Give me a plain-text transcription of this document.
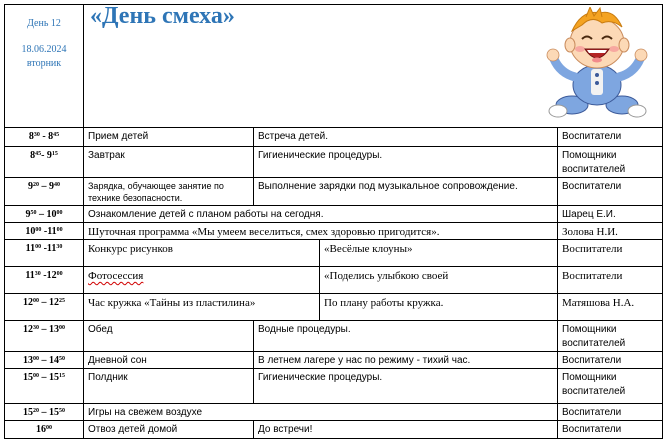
День 12
18.06.2024
вторник	«День смеха»			

$8^{30} - 8^{45}$	Прием детей	Встреча детей.		Воспитатели
$8^{45}-$ $9^{15}$	Завтрак	Гигиенические процедуры.		Помощники воспитателей
$9^{20} - 9^{40}$	Зарядка, обучающее занятие по технике безопасности.	Выполнение зарядки под музыкальное сопровождение.		Воспитатели
$9^{50} - 10^{00}$	Ознакомление детей с планом работы на сегодня.			Шарец Е.И.
$10^{00}$ $-11^{00}$	Шуточная программа «Мы умеем веселиться, смех здоровью пригодится».			Золова Н.И.
$11^{00}$ $-11^{30}$	Конкурс рисунков		«Весёлые клоуны»	Воспитатели
$11^{30}$ $-12^{00}$	Фотосессия		«Поделись улыбкою своей	Воспитатели
$12^{00} - 12^{25}$	Час кружка «Тайны из пластилина»		По плану работы кружка.	Матяшова Н.А.
$12^{30} - 13^{00}$	Обед	Водные процедуры.		Помощники воспитателей
$13^{00} - 14^{50}$	Дневной сон	В летнем лагере у нас по режиму - тихий час.		Воспитатели
$15^{00} - 15^{15}$	Полдник	Гигиенические процедуры.		Помощники воспитателей
$15^{20} - 15^{50}$	Игры на свежем воздухе			Воспитатели
$16^{00}$	Отвоз детей домой	До встречи!		Воспитатели
